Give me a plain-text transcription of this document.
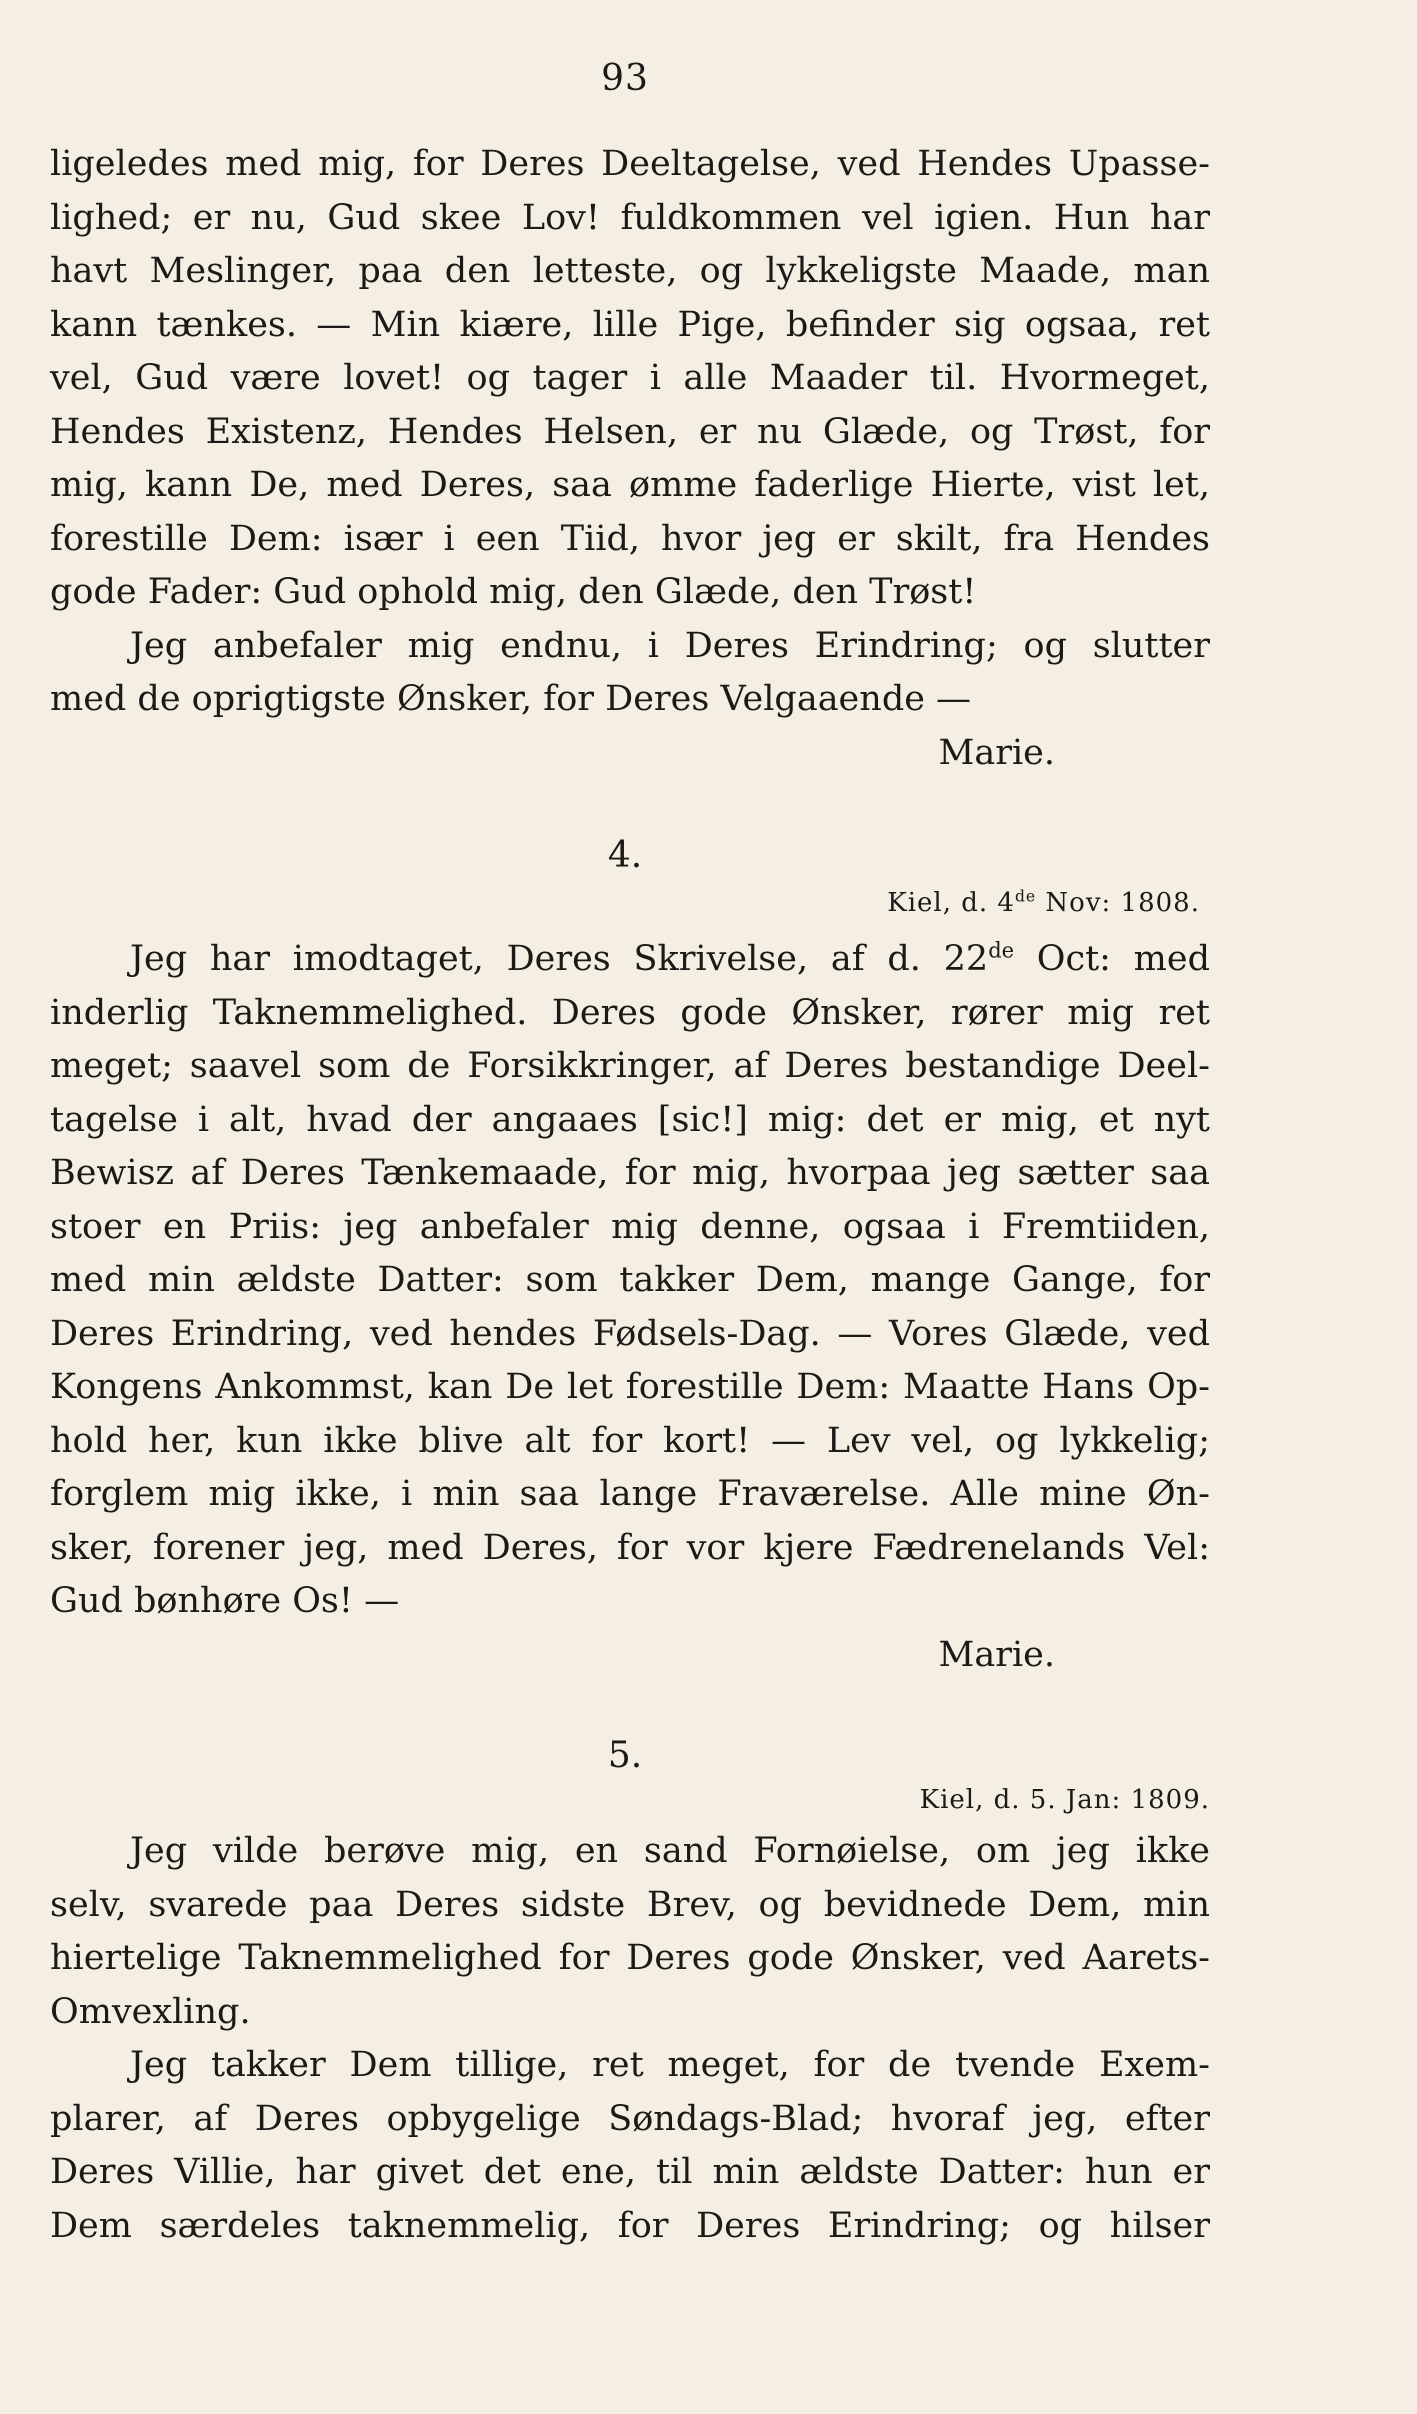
93
ligeledes med mig, for Deres Deeltagelse, ved Hendes Upasse-
lighed; er nu, Gud skee Lov! fuldkommen vel igien. Hun har
havt Meslinger, paa den letteste, og lykkeligste Maade, man
kann tænkes. — Min kiære, lille Pige, befinder sig ogsaa, ret
vel, Gud være lovet! og tager i alle Maader til. Hvormeget,
Hendes Existenz, Hendes Helsen, er nu Glæde, og Trøst, for
mig, kann De, med Deres, saa ømme faderlige Hierte, vist let,
forestille Dem: især i een Tiid, hvor jeg er skilt, fra Hendes
gode Fader: Gud ophold mig, den Glæde, den Trøst!
Jeg anbefaler mig endnu, i Deres Erindring; og slutter
med de oprigtigste Ønsker, for Deres Velgaaende —
Marie.
4.
Kiel, d. 4de Nov: 1808.
Jeg har imodtaget, Deres Skrivelse, af d. 22de Oct: med
inderlig Taknemmelighed. Deres gode Ønsker, rører mig ret
meget; saavel som de Forsikkringer, af Deres bestandige Deel-
tagelse i alt, hvad der angaaes [sic!] mig: det er mig, et nyt
Bewisz af Deres Tænkemaade, for mig, hvorpaa jeg sætter saa
stoer en Priis: jeg anbefaler mig denne, ogsaa i Fremtiiden,
med min ældste Datter: som takker Dem, mange Gange, for
Deres Erindring, ved hendes Fødsels-Dag. — Vores Glæde, ved
Kongens Ankommst, kan De let forestille Dem: Maatte Hans Op-
hold her, kun ikke blive alt for kort! — Lev vel, og lykkelig;
forglem mig ikke, i min saa lange Fraværelse. Alle mine Øn-
sker, forener jeg, med Deres, for vor kjere Fædrenelands Vel:
Gud bønhøre Os! —
Marie.
5.
Kiel, d. 5. Jan: 1809.
Jeg vilde berøve mig, en sand Fornøielse, om jeg ikke
selv, svarede paa Deres sidste Brev, og bevidnede Dem, min
hiertelige Taknemmelighed for Deres gode Ønsker, ved Aarets-
Omvexling.
Jeg takker Dem tillige, ret meget, for de tvende Exem-
plarer, af Deres opbygelige Søndags-Blad; hvoraf jeg, efter
Deres Villie, har givet det ene, til min ældste Datter: hun er
Dem særdeles taknemmelig, for Deres Erindring; og hilser
